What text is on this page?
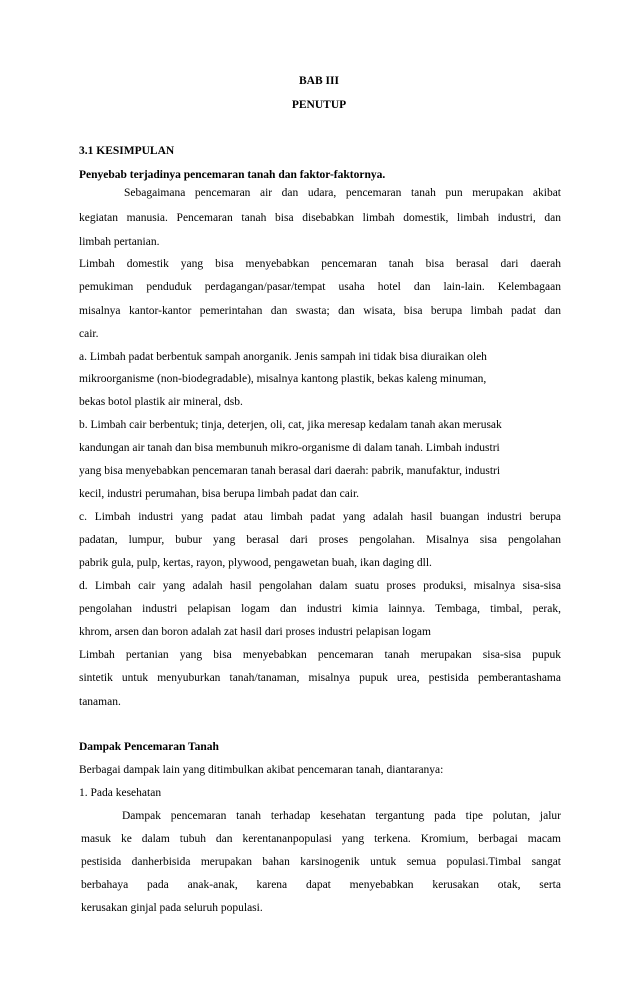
BAB III
PENUTUP
3.1 KESIMPULAN
Penyebab terjadinya pencemaran tanah dan faktor-faktornya.
Sebagaimana pencemaran air dan udara, pencemaran tanah pun merupakan akibat
kegiatan manusia. Pencemaran tanah bisa disebabkan limbah domestik, limbah industri, dan
limbah pertanian.
Limbah domestik yang bisa menyebabkan pencemaran tanah bisa berasal dari daerah
pemukiman penduduk perdagangan/pasar/tempat usaha hotel dan lain-lain. Kelembagaan
misalnya kantor-kantor pemerintahan dan swasta; dan wisata, bisa berupa limbah padat dan
cair.
a. Limbah padat berbentuk sampah anorganik. Jenis sampah ini tidak bisa diuraikan oleh
mikroorganisme (non-biodegradable), misalnya kantong plastik, bekas kaleng minuman,
bekas botol plastik air mineral, dsb.
b. Limbah cair berbentuk; tinja, deterjen, oli, cat, jika meresap kedalam tanah akan merusak
kandungan air tanah dan bisa membunuh mikro-organisme di dalam tanah. Limbah industri
yang bisa menyebabkan pencemaran tanah berasal dari daerah: pabrik, manufaktur, industri
kecil, industri perumahan, bisa berupa limbah padat dan cair.
c. Limbah industri yang padat atau limbah padat yang adalah hasil buangan industri berupa
padatan, lumpur, bubur yang berasal dari proses pengolahan. Misalnya sisa pengolahan
pabrik gula, pulp, kertas, rayon, plywood, pengawetan buah, ikan daging dll.
d. Limbah cair yang adalah hasil pengolahan dalam suatu proses produksi, misalnya sisa-sisa
pengolahan industri pelapisan logam dan industri kimia lainnya. Tembaga, timbal, perak,
khrom, arsen dan boron adalah zat hasil dari proses industri pelapisan logam
Limbah pertanian yang bisa menyebabkan pencemaran tanah merupakan sisa-sisa pupuk
sintetik untuk menyuburkan tanah/tanaman, misalnya pupuk urea, pestisida pemberantashama
tanaman.
Dampak Pencemaran Tanah
Berbagai dampak lain yang ditimbulkan akibat pencemaran tanah, diantaranya:
1. Pada kesehatan
Dampak pencemaran tanah terhadap kesehatan tergantung pada tipe polutan, jalur
masuk ke dalam tubuh dan kerentananpopulasi yang terkena. Kromium, berbagai macam
pestisida danherbisida merupakan bahan karsinogenik untuk semua populasi.Timbal sangat
berbahaya pada anak-anak, karena dapat menyebabkan kerusakan otak, serta
kerusakan ginjal pada seluruh populasi.
